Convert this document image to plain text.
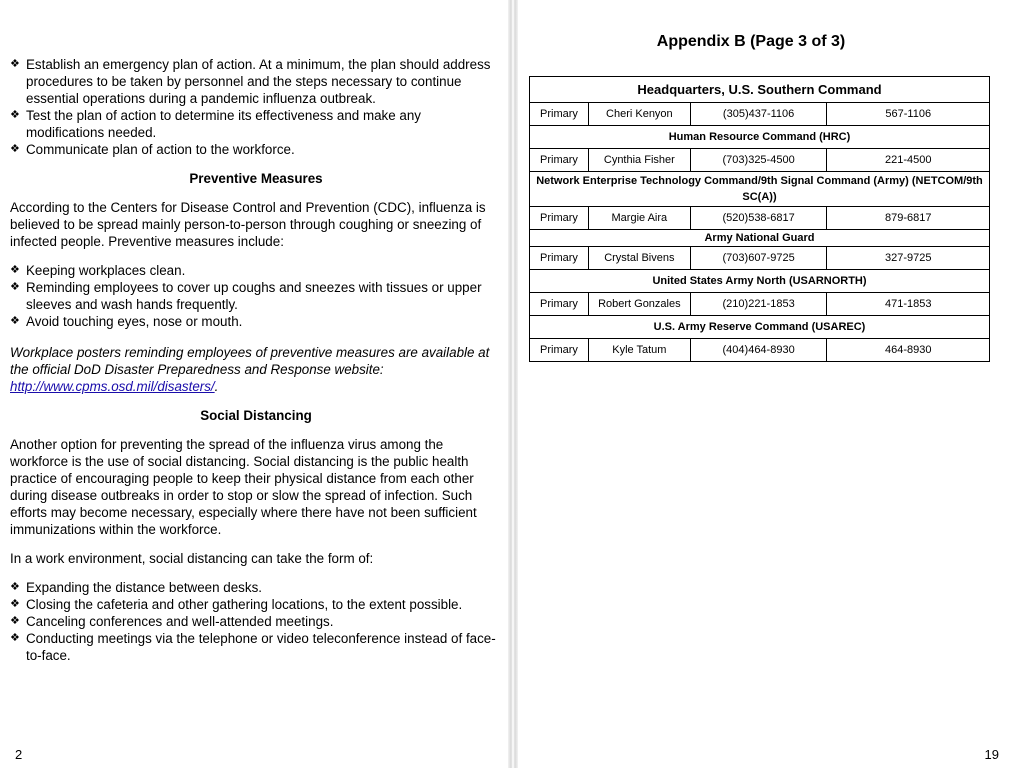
❖ Establish an emergency plan of action. At a minimum, the plan should address procedures to be taken by personnel and the steps necessary to continue essential operations during a pandemic influenza outbreak.
❖ Test the plan of action to determine its effectiveness and make any modifications needed.
❖ Communicate plan of action to the workforce.
Preventive Measures

According to the Centers for Disease Control and Prevention (CDC), influenza is believed to be spread mainly person-to-person through coughing or sneezing of infected people. Preventive measures include:

❖ Keeping workplaces clean.
❖ Reminding employees to cover up coughs and sneezes with tissues or upper sleeves and wash hands frequently.
❖ Avoid touching eyes, nose or mouth.

Workplace posters reminding employees of preventive measures are available at the official DoD Disaster Preparedness and Response website: http://www.cpms.osd.mil/disasters/.

Social Distancing

Another option for preventing the spread of the influenza virus among the workforce is the use of social distancing. Social distancing is the public health practice of encouraging people to keep their physical distance from each other during disease outbreaks in order to stop or slow the spread of infection. Such efforts may become necessary, especially where there have not been sufficient immunizations within the workforce.

In a work environment, social distancing can take the form of:

❖ Expanding the distance between desks.
❖ Closing the cafeteria and other gathering locations, to the extent possible.
❖ Canceling conferences and well-attended meetings.
❖ Conducting meetings via the telephone or video teleconference instead of face-to-face.
2
Appendix B (Page 3 of 3)
Headquarters, U.S. Southern Command			
Primary	Cheri Kenyon	(305)437-1106	567-1106
Human Resource Command (HRC)			
Primary	Cynthia Fisher	(703)325-4500	221-4500
Network Enterprise Technology Command/9th Signal Command (Army) (NETCOM/9th SC(A))			
Primary	Margie Aira	(520)538-6817	879-6817
Army National Guard			
Primary	Crystal Bivens	(703)607-9725	327-9725
United States Army North (USARNORTH)			
Primary	Robert Gonzales	(210)221-1853	471-1853
U.S. Army Reserve Command (USAREC)			
Primary	Kyle Tatum	(404)464-8930	464-8930
19
